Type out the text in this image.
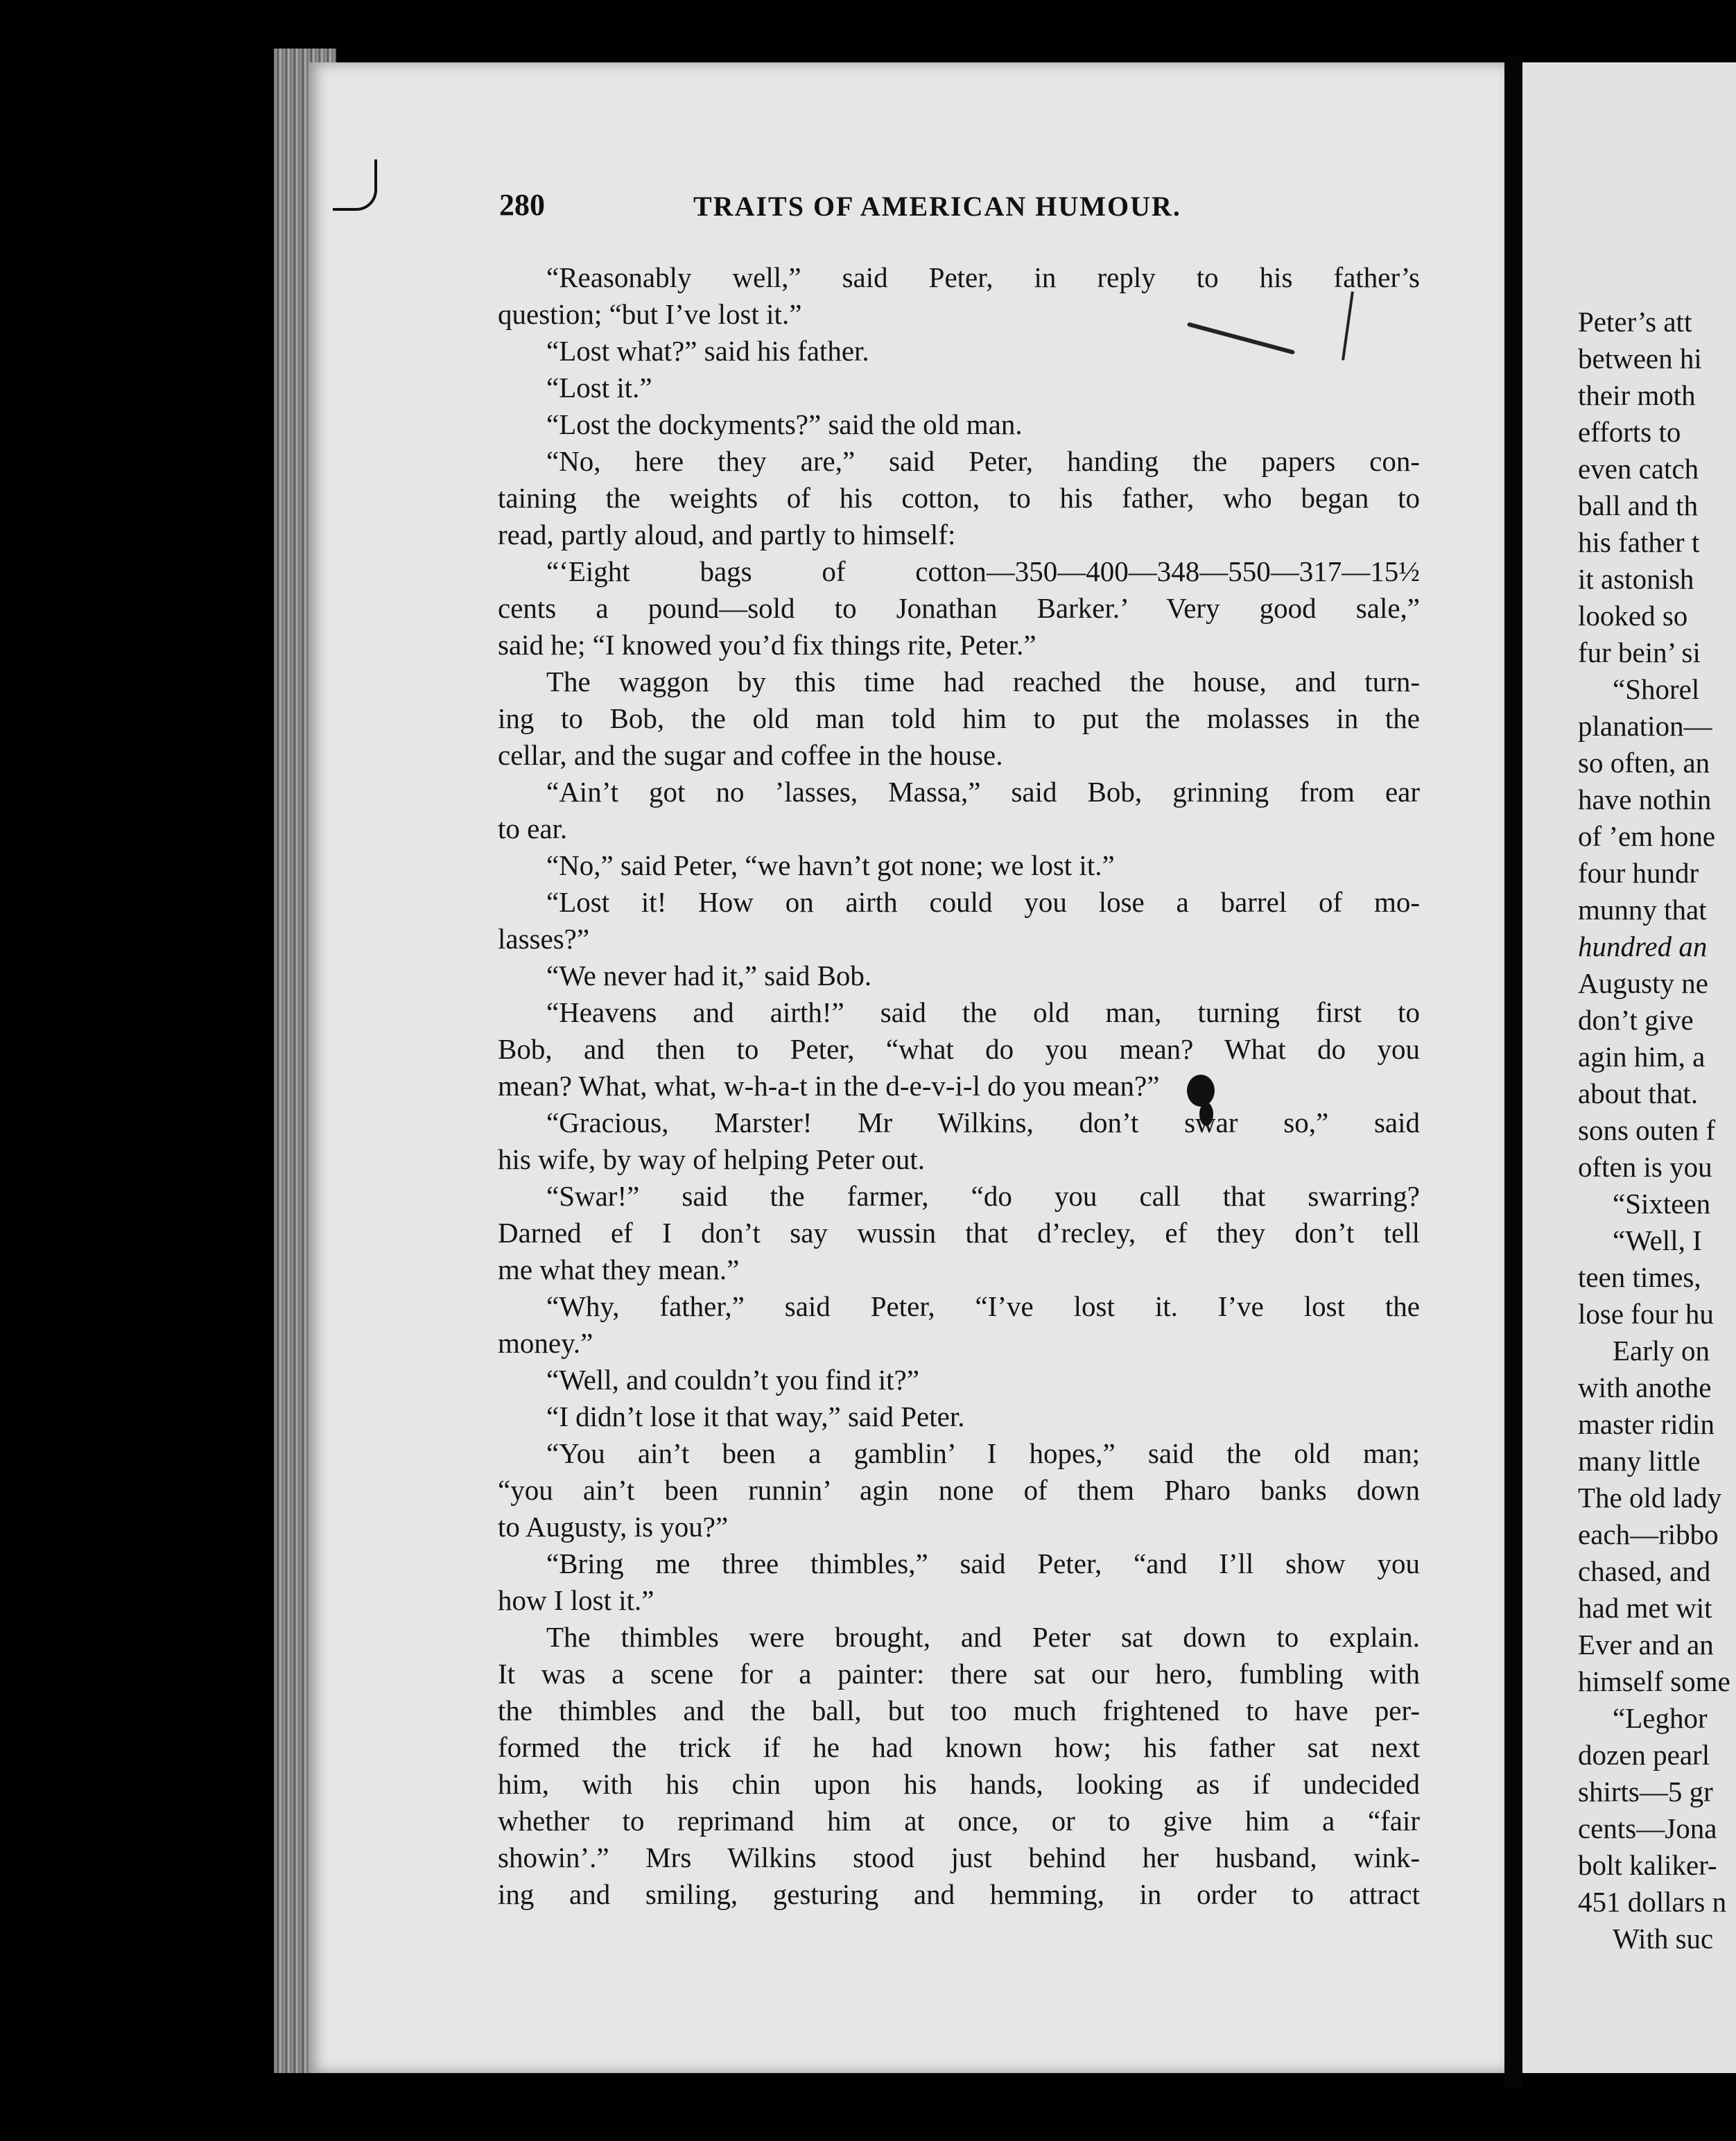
280	TRAITS OF AMERICAN HUMOUR.
“Reasonably well,” said Peter, in reply to his father’s
question; “but I’ve lost it.”
“Lost what?” said his father.
“Lost it.”
“Lost the dockyments?” said the old man.
“No, here they are,” said Peter, handing the papers con-
taining the weights of his cotton, to his father, who began to
read, partly aloud, and partly to himself:
“‘Eight bags of cotton—350—400—348—550—317—15½
cents a pound—sold to Jonathan Barker.’ Very good sale,”
said he; “I knowed you’d fix things rite, Peter.”
The waggon by this time had reached the house, and turn-
ing to Bob, the old man told him to put the molasses in the
cellar, and the sugar and coffee in the house.
“Ain’t got no ’lasses, Massa,” said Bob, grinning from ear
to ear.
“No,” said Peter, “we havn’t got none; we lost it.”
“Lost it! How on airth could you lose a barrel of mo-
lasses?”
“We never had it,” said Bob.
“Heavens and airth!” said the old man, turning first to
Bob, and then to Peter, “what do you mean? What do you
mean? What, what, w-h-a-t in the d-e-v-i-l do you mean?”
“Gracious, Marster! Mr Wilkins, don’t swar so,” said
his wife, by way of helping Peter out.
“Swar!” said the farmer, “do you call that swarring?
Darned ef I don’t say wussin that d’recley, ef they don’t tell
me what they mean.”
“Why, father,” said Peter, “I’ve lost it. I’ve lost the
money.”
“Well, and couldn’t you find it?”
“I didn’t lose it that way,” said Peter.
“You ain’t been a gamblin’ I hopes,” said the old man;
“you ain’t been runnin’ agin none of them Pharo banks down
to Augusty, is you?”
“Bring me three thimbles,” said Peter, “and I’ll show you
how I lost it.”
The thimbles were brought, and Peter sat down to explain.
It was a scene for a painter: there sat our hero, fumbling with
the thimbles and the ball, but too much frightened to have per-
formed the trick if he had known how; his father sat next
him, with his chin upon his hands, looking as if undecided
whether to reprimand him at once, or to give him a “fair
showin’.” Mrs Wilkins stood just behind her husband, wink-
ing and smiling, gesturing and hemming, in order to attract
Peter’s att
between hi
their moth
efforts to
even catch
ball and th
his father t
it astonish
looked so
fur bein’ si
“Shorel
planation—
so often, an
have nothin
of ’em hone
four hundr
munny that
hundred an
Augusty ne
don’t give
agin him, a
about that.
sons outen f
often is you
“Sixteen
“Well, I
teen times,
lose four hu
Early on
with anothe
master ridin
many little
The old lady
each—ribbo
chased, and
had met wit
Ever and an
himself some
“Leghor
dozen pearl
shirts—5 gr
cents—Jona
bolt kaliker-
451 dollars n
With suc
